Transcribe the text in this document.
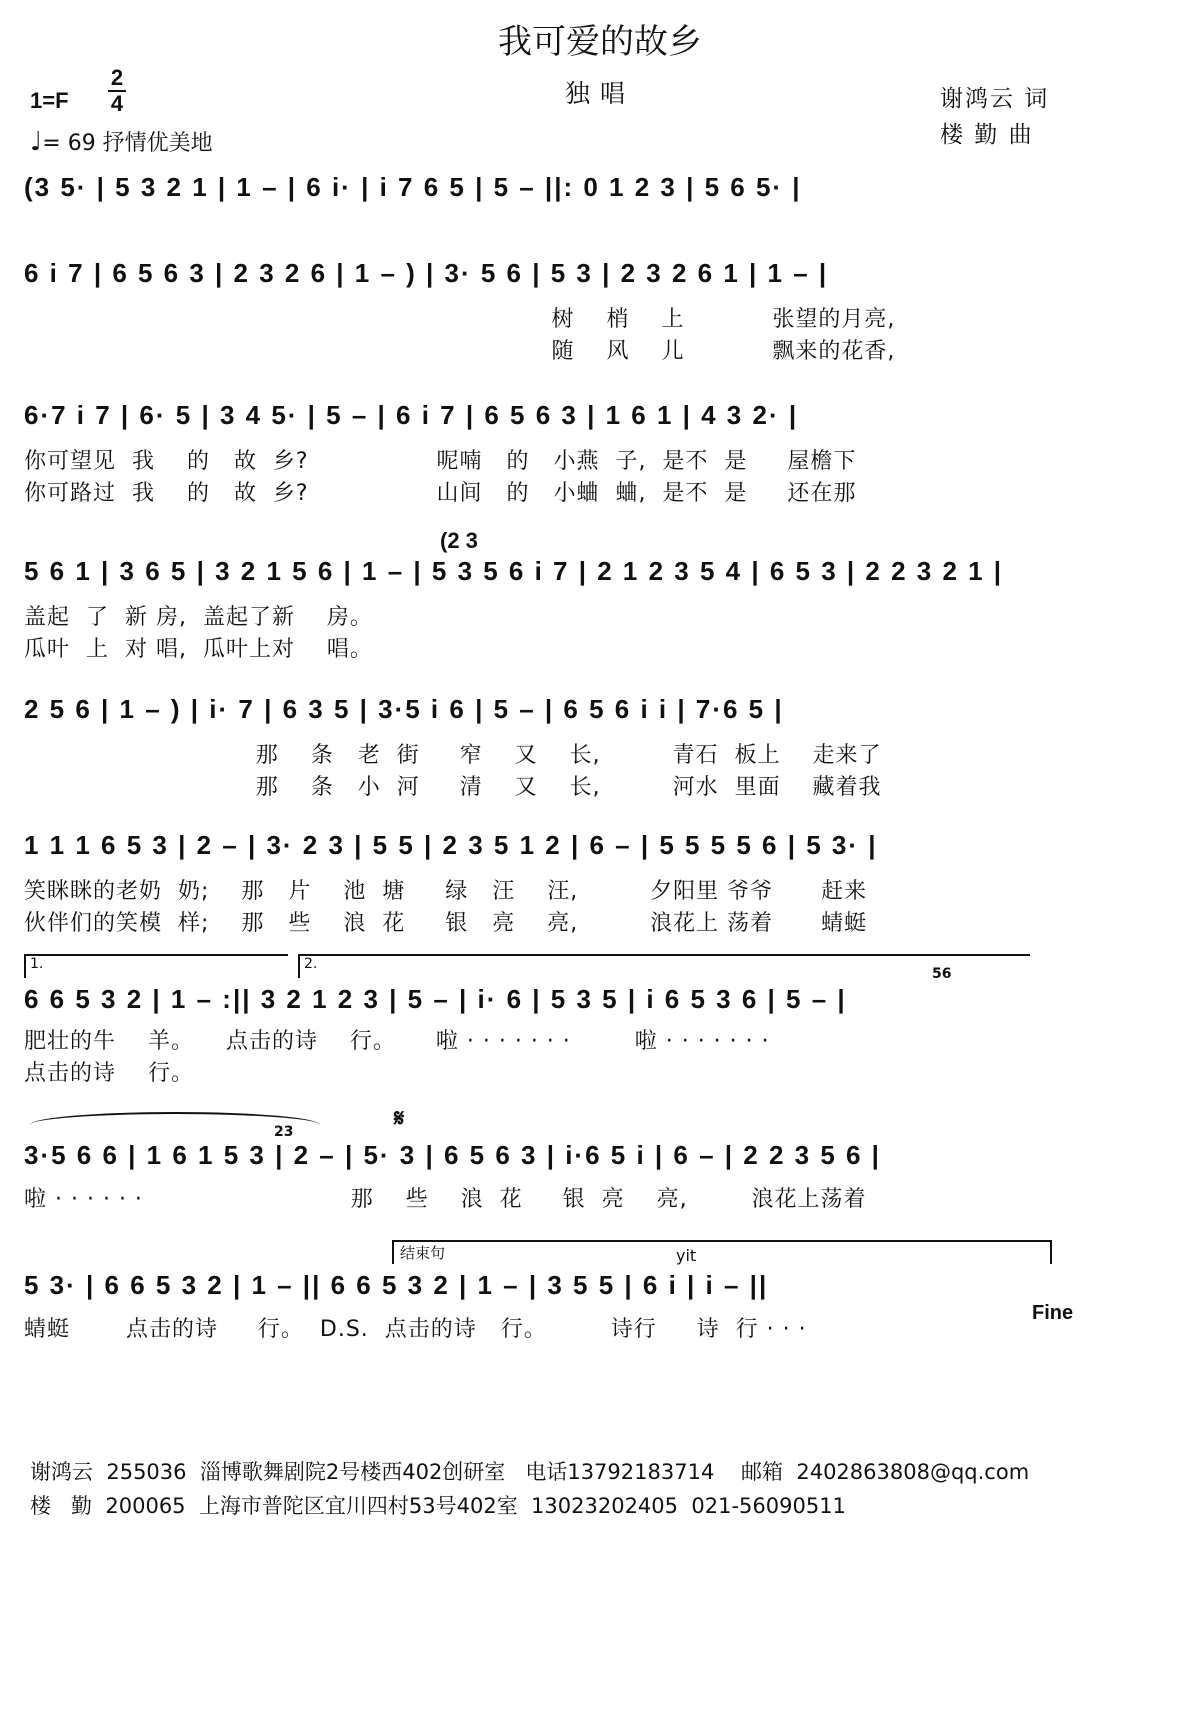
我可爱的故乡
独唱
1=F
2
4
♩= 69 抒情优美地
谢鸿云 词
楼 勤 曲
(3 5· | 5 3 2 1 | 1 – | 6 i· | i 7 6 5 | 5 – ||: 0 1 2 3 | 5 6 5· |
6 i 7 | 6 5 6 3 | 2 3 2 6 | 1 – ) | 3· 5 6 | 5 3 | 2 3 2 6 1 | 1 – |
树    梢    上           张望的月亮,
随    风    儿           飘来的花香,
6·7 i 7 | 6· 5 | 3 4 5· | 5 – | 6 i 7 | 6 5 6 3 | 1 6 1 | 4 3 2· |
你可望见  我    的   故  乡?                呢喃   的   小燕  子,  是不  是     屋檐下
你可路过  我    的   故  乡?                山间   的   小蛐  蛐,  是不  是     还在那
(2 3
5 6 1 | 3 6 5 | 3 2 1 5 6 | 1 – | 5 3 5 6 i 7 | 2 1 2 3 5 4 | 6 5 3 | 2 2 3 2 1 |
盖起  了  新 房,  盖起了新    房。
瓜叶  上  对 唱,  瓜叶上对    唱。
2 5 6 | 1 – ) | i· 7 | 6 3 5 | 3·5 i 6 | 5 – | 6 5 6 i i | 7·6 5 |
那    条   老  街     窄    又    长,         青石  板上    走来了
那    条   小  河     清    又    长,         河水  里面    藏着我
1 1 1 6 5 3 | 2 – | 3· 2 3 | 5 5 | 2 3 5 1 2 | 6 – | 5 5 5 5 6 | 5 3· |
笑眯眯的老奶  奶;    那   片    池  塘     绿   汪    汪,         夕阳里 爷爷      赶来
伙伴们的笑模  样;    那   些    浪  花     银   亮    亮,         浪花上 荡着      蜻蜓
1.	2.
56
6 6 5 3 2 | 1 – :|| 3 2 1 2 3 | 5 – | i· 6 | 5 3 5 | i 6 5 3 6 | 5 – |
肥壮的牛    羊。    点击的诗    行。     啦 · · · · · · ·        啦 · · · · · · ·
点击的诗    行。
23	𝄋
3·5 6 6 | 1 6 1 5 3 | 2 – | 5· 3 | 6 5 6 3 | i·6 5 i | 6 – | 2 2 3 5 6 |
啦 · · · · · ·                          那    些    浪  花     银  亮    亮,        浪花上荡着
结束句	yit
5 3· | 6 6 5 3 2 | 1 – || 6 6 5 3 2 | 1 – | 3 5 5 | 6 i | i – ||
蜻蜓       点击的诗     行。  D.S.  点击的诗   行。        诗行     诗  行 · · ·
Fine
谢鸿云  255036  淄博歌舞剧院2号楼西402创研室   电话13792183714    邮箱  2402863808@qq.com
楼   勤  200065  上海市普陀区宜川四村53号402室  13023202405  021-56090511
